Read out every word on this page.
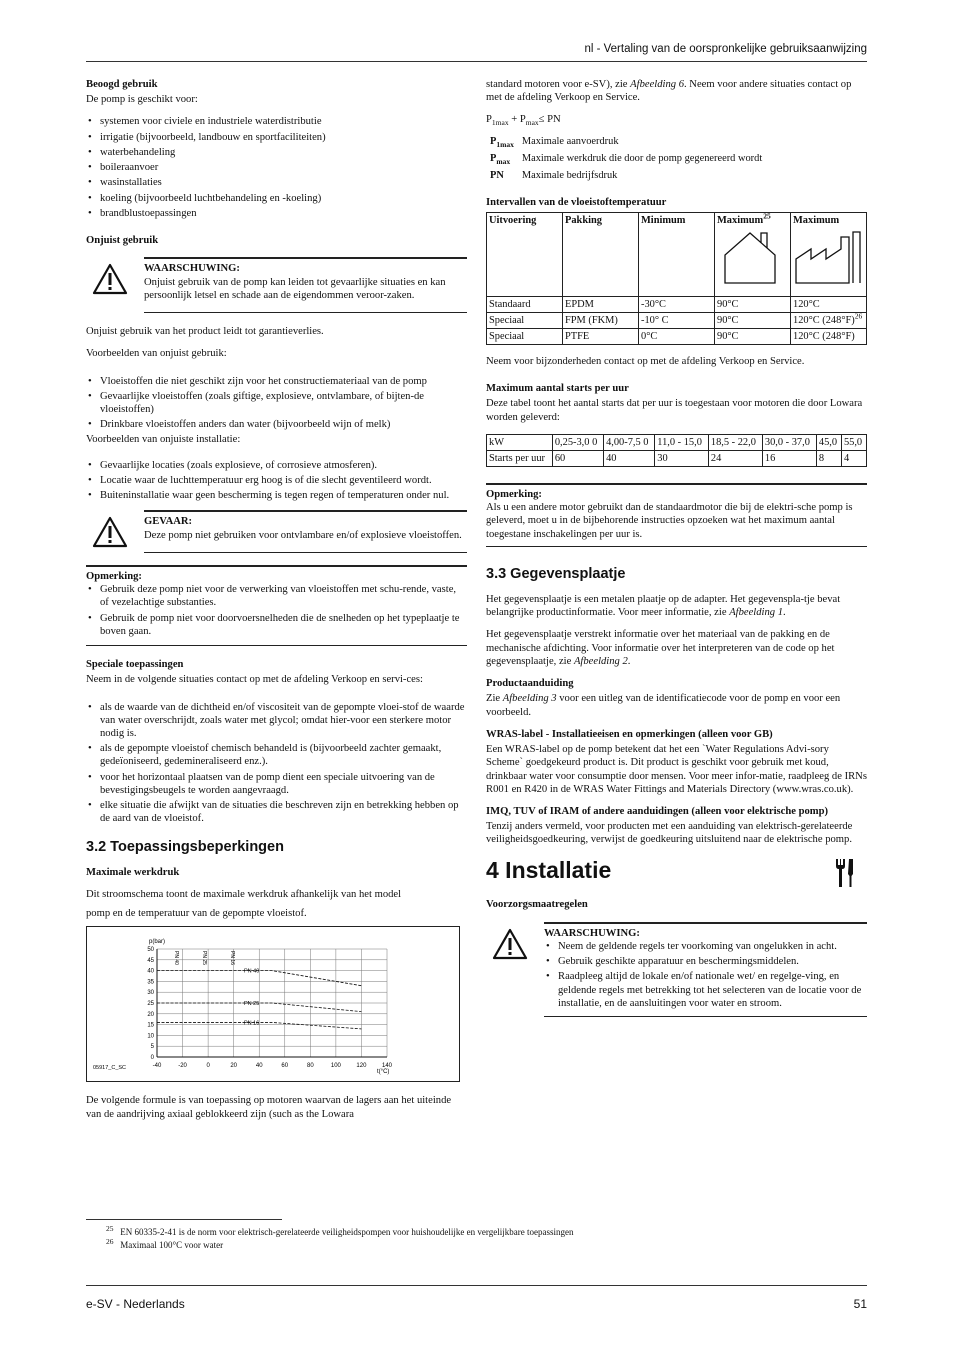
nl - Vertaling van de oorspronkelijke gebruiksaanwijzing

Beoogd gebruik

De pomp is geschikt voor:

• systemen voor civiele en industriele waterdistributie
• irrigatie (bijvoorbeeld, landbouw en sportfaciliteiten)
• waterbehandeling
• boileraanvoer
• wasinstallaties
• koeling (bijvoorbeeld luchtbehandeling en -koeling)
• brandblustoepassingen

Onjuist gebruik

WAARSCHUWING:
Onjuist gebruik van de pomp kan leiden tot gevaarlijke situaties en kan persoonlijk letsel en schade aan de eigendommen veroor-zaken.

Onjuist gebruik van het product leidt tot garantieverlies.

Voorbeelden van onjuist gebruik:

• Vloeistoffen die niet geschikt zijn voor het constructiemateriaal van de pomp
• Gevaarlijke vloeistoffen (zoals giftige, explosieve, ontvlambare, of bijten-de vloeistoffen)
• Drinkbare vloeistoffen anders dan water (bijvoorbeeld wijn of melk)

Voorbeelden van onjuiste installatie:

• Gevaarlijke locaties (zoals explosieve, of corrosieve atmosferen).
• Locatie waar de luchttemperatuur erg hoog is of die slecht geventileerd wordt.
• Buiteninstallatie waar geen bescherming is tegen regen of temperaturen onder nul.
GEVAAR:
Deze pomp niet gebruiken voor ontvlambare en/of explosieve vloeistoffen.
Opmerking:
• Gebruik deze pomp niet voor de verwerking van vloeistoffen met schu-rende, vaste, of vezelachtige substanties.
• Gebruik de pomp niet voor doorvoersnelheden die de snelheden op het typeplaatje te boven gaan.

Speciale toepassingen

Neem in de volgende situaties contact op met de afdeling Verkoop en servi-ces:

• als de waarde van de dichtheid en/of viscositeit van de gepompte vloei-stof de waarde van water overschrijdt, zoals water met glycol; omdat hier-voor een sterkere motor nodig is.
• als de gepompte vloeistof chemisch behandeld is (bijvoorbeeld zachter gemaakt, gedeïoniseerd, gedemineraliseerd enz.).
• voor het horizontaal plaatsen van de pomp dient een speciale uitvoering van de bevestigingsbeugels te worden aangevraagd.
• elke situatie die afwijkt van de situaties die beschreven zijn en betrekking hebben op de aard van de vloeistof.
3.2 Toepassingsbeperkingen

Maximale werkdruk

Dit stroomschema toont de maximale werkdruk afhankelijk van het model

pomp en de temperatuur van de gepompte vloeistof.

-40	-20	0	20	40	60	80	100	120	140
0
5
10
15
20
25
30
35
40
45
50
p(bar)
t(°C)
05917_C_SC
PN 40	PN 25	PN 16
PN 40
PN 25
PN 16

De volgende formule is van toepassing op motoren waarvan de lagers aan het uiteinde van de aandrijving axiaal geblokkeerd zijn (such as the Lowara

standard motoren voor e-SV), zie Afbeelding 6. Neem voor andere situaties contact op met de afdeling Verkoop en Service.

$P_{1max} + P_{max}\le$ PN

$P_{1max}$	Maximale aanvoerdruk
$P_{max}$	Maximale werkdruk die door de pomp gegenereerd wordt
PN	Maximale bedrijfsdruk

Intervallen van de vloeistoftemperatuur

Uitvoering	Pakking	Minimum	Maximum$^{25}$	Maximum

Standaard	EPDM	-30°C	90°C	120°C
Speciaal	FPM (FKM)	-10° C	90°C	120°C $(248^\circ F)^{26}$
Speciaal	PTFE	0°C	90°C	120°C (248°F)

Neem voor bijzonderheden contact op met de afdeling Verkoop en Service.

Maximum aantal starts per uur

Deze tabel toont het aantal starts dat per uur is toegestaan voor motoren die door Lowara worden geleverd:

kW	0,25-3,0 0	4,00-7,5 0	11,0 - 15,0	18,5 - 22,0	30,0 - 37,0	45,0	55,0
Starts per uur	60	40	30	24	16	8	4
Opmerking:
Als u een andere motor gebruikt dan de standaardmotor die bij de elektri-sche pomp is geleverd, moet u in de bijbehorende instructies opzoeken wat het maximum aantal toegestane inschakelingen per uur is.
3.3 Gegevensplaatje

Het gegevensplaatje is een metalen plaatje op de adapter. Het gegevenspla-tje bevat belangrijke productinformatie. Voor meer informatie, zie Afbeelding 1.

Het gegevensplaatje verstrekt informatie over het materiaal van de pakking en de mechanische afdichting. Voor informatie over het interpreteren van de code op het gegevensplaatje, zie Afbeelding 2.

Productaanduiding

Zie Afbeelding 3 voor een uitleg van de identificatiecode voor de pomp en voor een voorbeeld.

WRAS-label - Installatieeisen en opmerkingen (alleen voor GB)

Een WRAS-label op de pomp betekent dat het een `Water Regulations Advi-sory Scheme` goedgekeurd product is. Dit product is geschikt voor gebruik met koud, drinkbaar water voor consumptie door mensen. Voor meer infor-matie, raadpleeg de IRNs R001 en R420 in de WRAS Water Fittings and Materials Directory (www.wras.co.uk).

IMQ, TUV of IRAM of andere aanduidingen (alleen voor elektrische pomp)

Tenzij anders vermeld, voor producten met een aanduiding van elektrisch-gerelateerde veiligheidsgoedkeuring, verwijst de goedkeuring uitsluitend naar de elektrische pomp.

4 Installatie

Voorzorgsmaatregelen

WAARSCHUWING:
• Neem de geldende regels ter voorkoming van ongelukken in acht.
• Gebruik geschikte apparatuur en beschermingsmiddelen.
• Raadpleeg altijd de lokale en/of nationale wet/ en regelge-ving, en geldende regels met betrekking tot het selecteren van de locatie voor de installatie, en de aansluitingen voor water en stroom.
$^{25}$ EN 60335-2-41 is de norm voor elektrisch-gerelateerde veiligheidspompen voor huishoudelijke en vergelijkbare toepassingen
$^{26}$ Maximaal 100°C voor water
e-SV - Nederlands	51
